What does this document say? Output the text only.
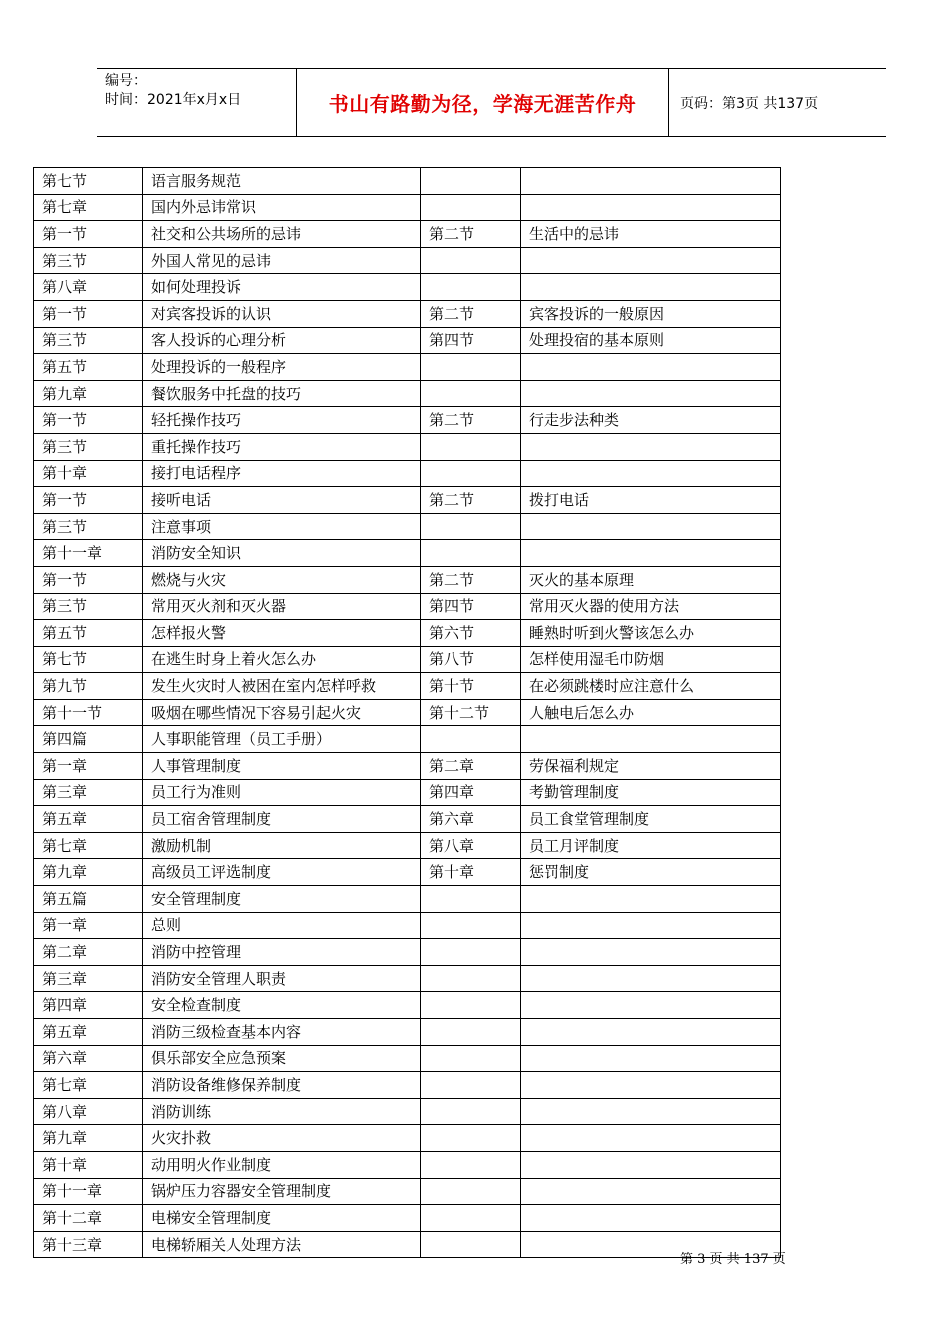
编号：
时间：2021年x月x日	书山有路勤为径，学海无涯苦作舟	页码：第3页 共137页
第七节	语言服务规范		
第七章	国内外忌讳常识		
第一节	社交和公共场所的忌讳	第二节	生活中的忌讳
第三节	外国人常见的忌讳		
第八章	如何处理投诉		
第一节	对宾客投诉的认识	第二节	宾客投诉的一般原因
第三节	客人投诉的心理分析	第四节	处理投宿的基本原则
第五节	处理投诉的一般程序		
第九章	餐饮服务中托盘的技巧		
第一节	轻托操作技巧	第二节	行走步法种类
第三节	重托操作技巧		
第十章	接打电话程序		
第一节	接听电话	第二节	拨打电话
第三节	注意事项		
第十一章	消防安全知识		
第一节	燃烧与火灾	第二节	灭火的基本原理
第三节	常用灭火剂和灭火器	第四节	常用灭火器的使用方法
第五节	怎样报火警	第六节	睡熟时听到火警该怎么办
第七节	在逃生时身上着火怎么办	第八节	怎样使用湿毛巾防烟
第九节	发生火灾时人被困在室内怎样呼救	第十节	在必须跳楼时应注意什么
第十一节	吸烟在哪些情况下容易引起火灾	第十二节	人触电后怎么办
第四篇	人事职能管理（员工手册）		
第一章	人事管理制度	第二章	劳保福利规定
第三章	员工行为准则	第四章	考勤管理制度
第五章	员工宿舍管理制度	第六章	员工食堂管理制度
第七章	激励机制	第八章	员工月评制度
第九章	高级员工评选制度	第十章	惩罚制度
第五篇	安全管理制度		
第一章	总则		
第二章	消防中控管理		
第三章	消防安全管理人职责		
第四章	安全检查制度		
第五章	消防三级检查基本内容		
第六章	俱乐部安全应急预案		
第七章	消防设备维修保养制度		
第八章	消防训练		
第九章	火灾扑救		
第十章	动用明火作业制度		
第十一章	锅炉压力容器安全管理制度		
第十二章	电梯安全管理制度		
第十三章	电梯轿厢关人处理方法		
第 3 页 共 137 页
